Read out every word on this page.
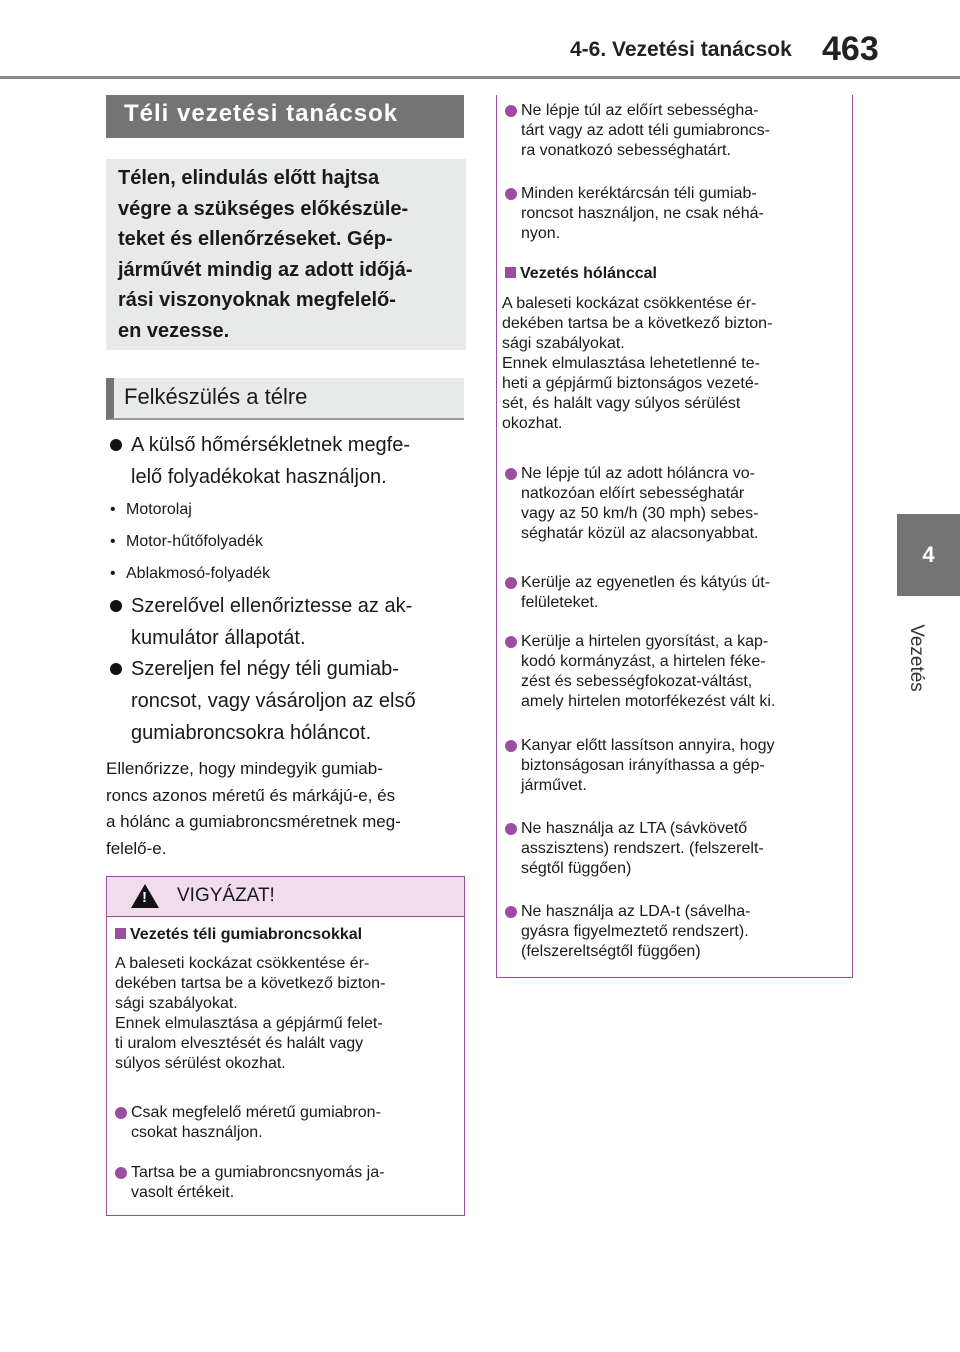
4-6. Vezetési tanácsok 463
4
Vezetés
Téli vezetési tanácsok
Télen, elindulás előtt hajtsa
végre a szükséges előkészüle-
teket és ellenőrzéseket. Gép-
járművét mindig az adott időjá-
rási viszonyoknak megfelelő-
en vezesse.
Felkészülés a télre
A külső hőmérsékletnek megfe-
lelő folyadékokat használjon.
• Motorolaj
• Motor-hűtőfolyadék
• Ablakmosó-folyadék
Szerelővel ellenőriztesse az ak-
kumulátor állapotát.
Szereljen fel négy téli gumiab-
roncsot, vagy vásároljon az első
gumiabroncsokra hóláncot.
Ellenőrizze, hogy mindegyik gumiab-
roncs azonos méretű és márkájú-e, és
a hólánc a gumiabroncsméretnek meg-
felelő-e.
! VIGYÁZAT!
Vezetés téli gumiabroncsokkal
A baleseti kockázat csökkentése ér-
dekében tartsa be a következő bizton-
sági szabályokat.
Ennek elmulasztása a gépjármű felet-
ti uralom elvesztését és halált vagy
súlyos sérülést okozhat.
Csak megfelelő méretű gumiabron-
csokat használjon.
Tartsa be a gumiabroncsnyomás ja-
vasolt értékeit.
Ne lépje túl az előírt sebességha-
tárt vagy az adott téli gumiabroncs-
ra vonatkozó sebességhatárt.
Minden keréktárcsán téli gumiab-
roncsot használjon, ne csak néhá-
nyon.
Vezetés hólánccal
A baleseti kockázat csökkentése ér-
dekében tartsa be a következő bizton-
sági szabályokat.
Ennek elmulasztása lehetetlenné te-
heti a gépjármű biztonságos vezeté-
sét, és halált vagy súlyos sérülést
okozhat.
Ne lépje túl az adott hóláncra vo-
natkozóan előírt sebességhatár
vagy az 50 km/h (30 mph) sebes-
séghatár közül az alacsonyabbat.
Kerülje az egyenetlen és kátyús út-
felületeket.
Kerülje a hirtelen gyorsítást, a kap-
kodó kormányzást, a hirtelen féke-
zést és sebességfokozat-váltást,
amely hirtelen motorfékezést vált ki.
Kanyar előtt lassítson annyira, hogy
biztonságosan irányíthassa a gép-
járművet.
Ne használja az LTA (sávkövető
asszisztens) rendszert. (felszerelt-
ségtől függően)
Ne használja az LDA-t (sávelha-
gyásra figyelmeztető rendszert).
(felszereltségtől függően)
